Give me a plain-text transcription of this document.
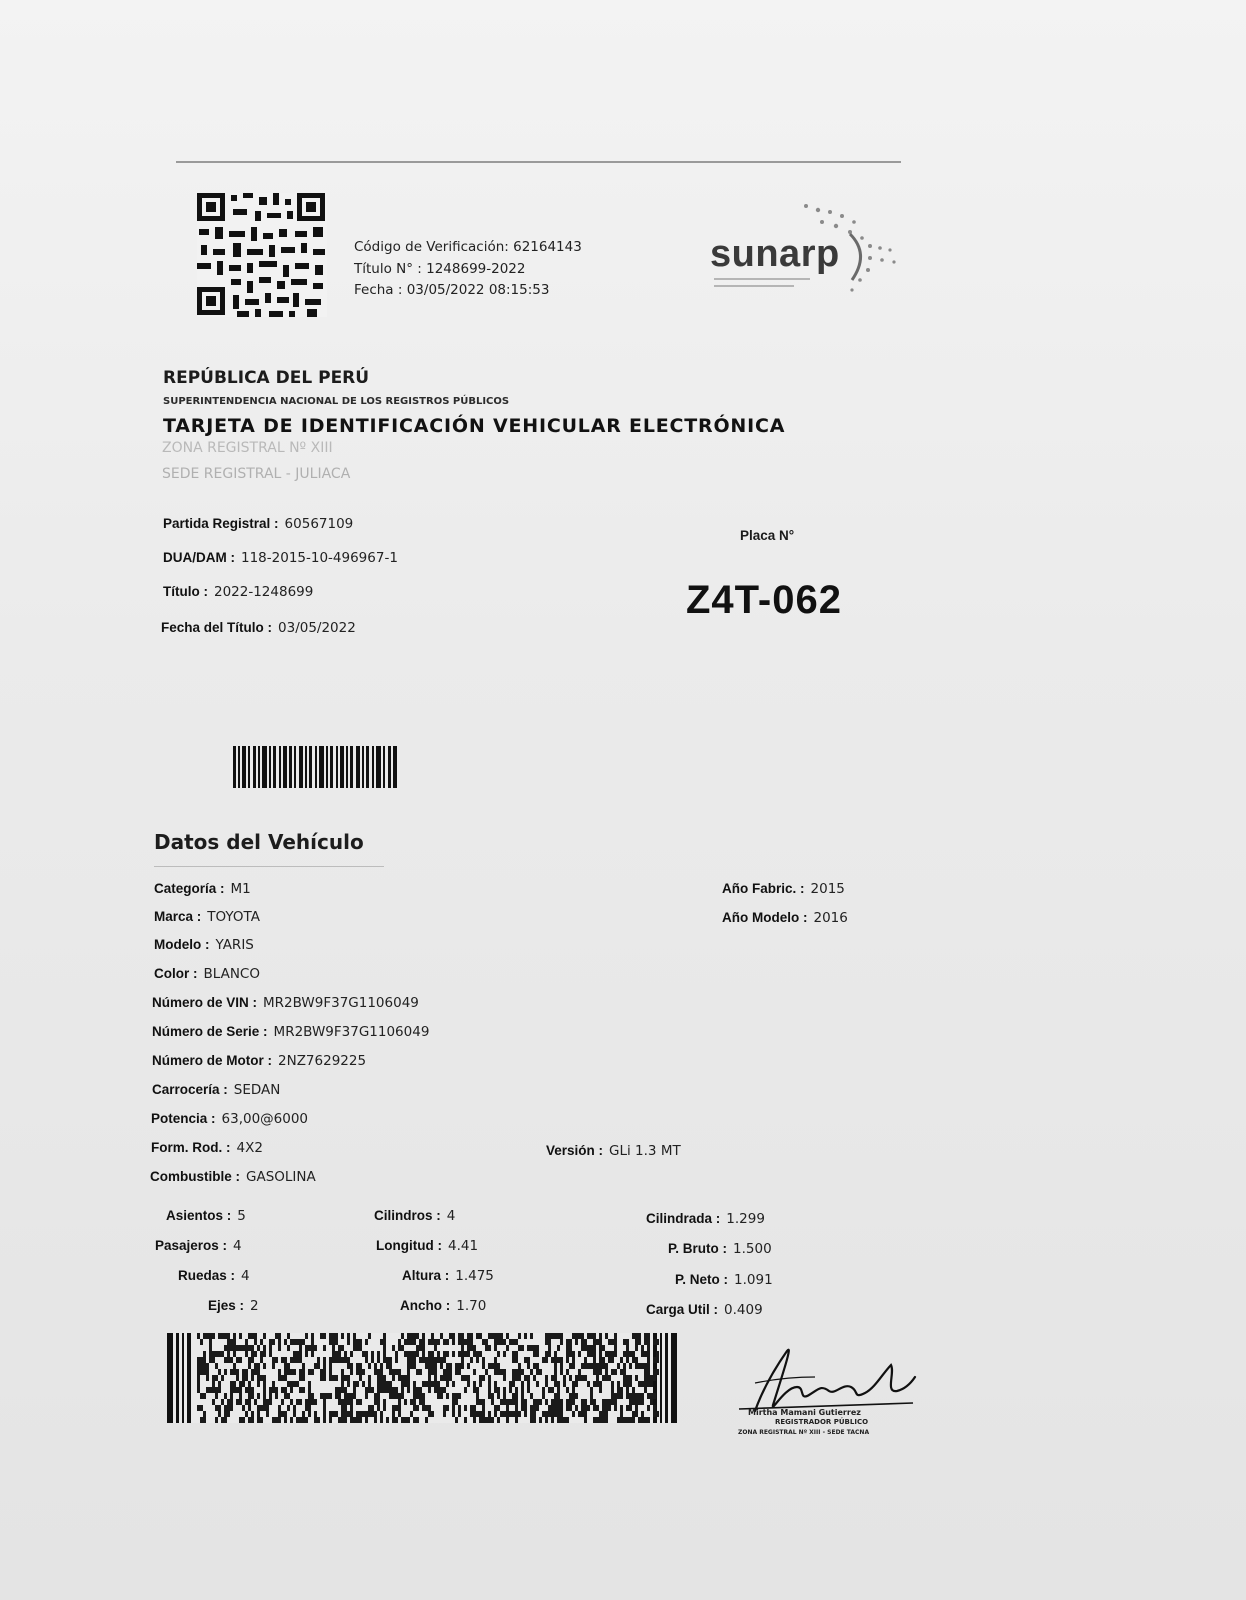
Código de Verificación: 62164143
Título N° : 1248699-2022
Fecha : 03/05/2022 08:15:53
sunarp
REPÚBLICA DEL PERÚ
SUPERINTENDENCIA NACIONAL DE LOS REGISTROS PÚBLICOS
TARJETA DE IDENTIFICACIÓN VEHICULAR ELECTRÓNICA
ZONA REGISTRAL Nº XIII
SEDE REGISTRAL - JULIACA
Partida Registral : 60567109
DUA/DAM : 118-2015-10-496967-1
Título : 2022-1248699
Fecha del Título : 03/05/2022
Placa N°
Z4T-062
Datos del Vehículo
Categoría : M1
Marca : TOYOTA
Modelo : YARIS
Color : BLANCO
Número de VIN : MR2BW9F37G1106049
Número de Serie : MR2BW9F37G1106049
Número de Motor : 2NZ7629225
Carrocería : SEDAN
Potencia : 63,00@6000
Form. Rod. : 4X2
Combustible : GASOLINA
Versión : GLi 1.3 MT
Año Fabric. : 2015
Año Modelo : 2016
Asientos : 5
Pasajeros : 4
Ruedas : 4
Ejes : 2
Cilindros : 4
Longitud : 4.41
Altura : 1.475
Ancho : 1.70
Cilindrada : 1.299
P. Bruto : 1.500
P. Neto : 1.091
Carga Util : 0.409
Mirtha Mamani Gutierrez
REGISTRADOR PÚBLICO
ZONA REGISTRAL Nº XIII - SEDE TACNA
